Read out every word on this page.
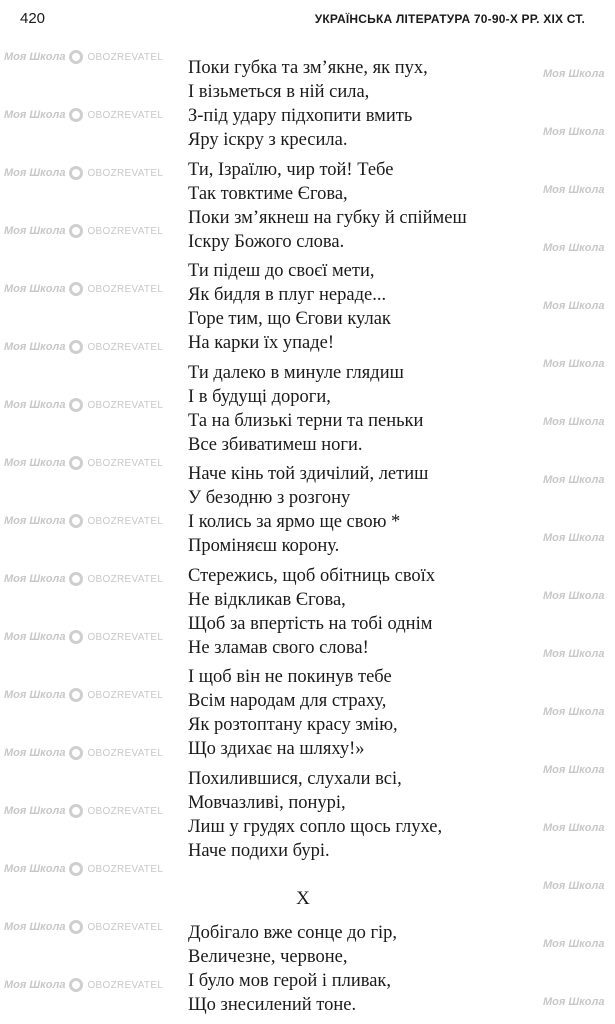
Моя Школа OBOZREVATEL
Моя Школа
Моя Школа OBOZREVATEL
Моя Школа
Моя Школа OBOZREVATEL
Моя Школа
Моя Школа OBOZREVATEL
Моя Школа
Моя Школа OBOZREVATEL
Моя Школа
Моя Школа OBOZREVATEL
Моя Школа
Моя Школа OBOZREVATEL
Моя Школа
Моя Школа OBOZREVATEL
Моя Школа
Моя Школа OBOZREVATEL
Моя Школа
Моя Школа OBOZREVATEL
Моя Школа
Моя Школа OBOZREVATEL
Моя Школа
Моя Школа OBOZREVATEL
Моя Школа
Моя Школа OBOZREVATEL
Моя Школа
Моя Школа OBOZREVATEL
Моя Школа
Моя Школа OBOZREVATEL
Моя Школа
Моя Школа OBOZREVATEL
Моя Школа
Моя Школа OBOZREVATEL
Моя Школа
420	УКРАЇНСЬКА ЛІТЕРАТУРА 70-90-Х РР. XIX СТ.
Поки губка та зм’якне, як пух,
І візьметься в ній сила,
З-під удару підхопити вмить
Яру іскру з кресила.
Ти, Ізраїлю, чир той! Тебе
Так товктиме Єгова,
Поки зм’якнеш на губку й спіймеш
Іскру Божого слова.
Ти підеш до своєї мети,
Як бидля в плуг нераде...
Горе тим, що Єгови кулак
На карки їх упаде!
Ти далеко в минуле глядиш
І в будущі дороги,
Та на близькі терни та пеньки
Все збиватимеш ноги.
Наче кінь той здичілий, летиш
У безодню з розгону
І колись за ярмо ще свою *
Проміняєш корону.
Стережись, щоб обітниць своїх
Не відкликав Єгова,
Щоб за впертість на тобі однім
Не зламав свого слова!
І щоб він не покинув тебе
Всім народам для страху,
Як розтоптану красу змію,
Що здихає на шляху!»
Похилившися, слухали всі,
Мовчазливі, понурі,
Лиш у грудях сопло щось глухе,
Наче подихи бурі.
X
Добігало вже сонце до гір,
Величезне, червоне,
І було мов герой і пливак,
Що знесилений тоне.
